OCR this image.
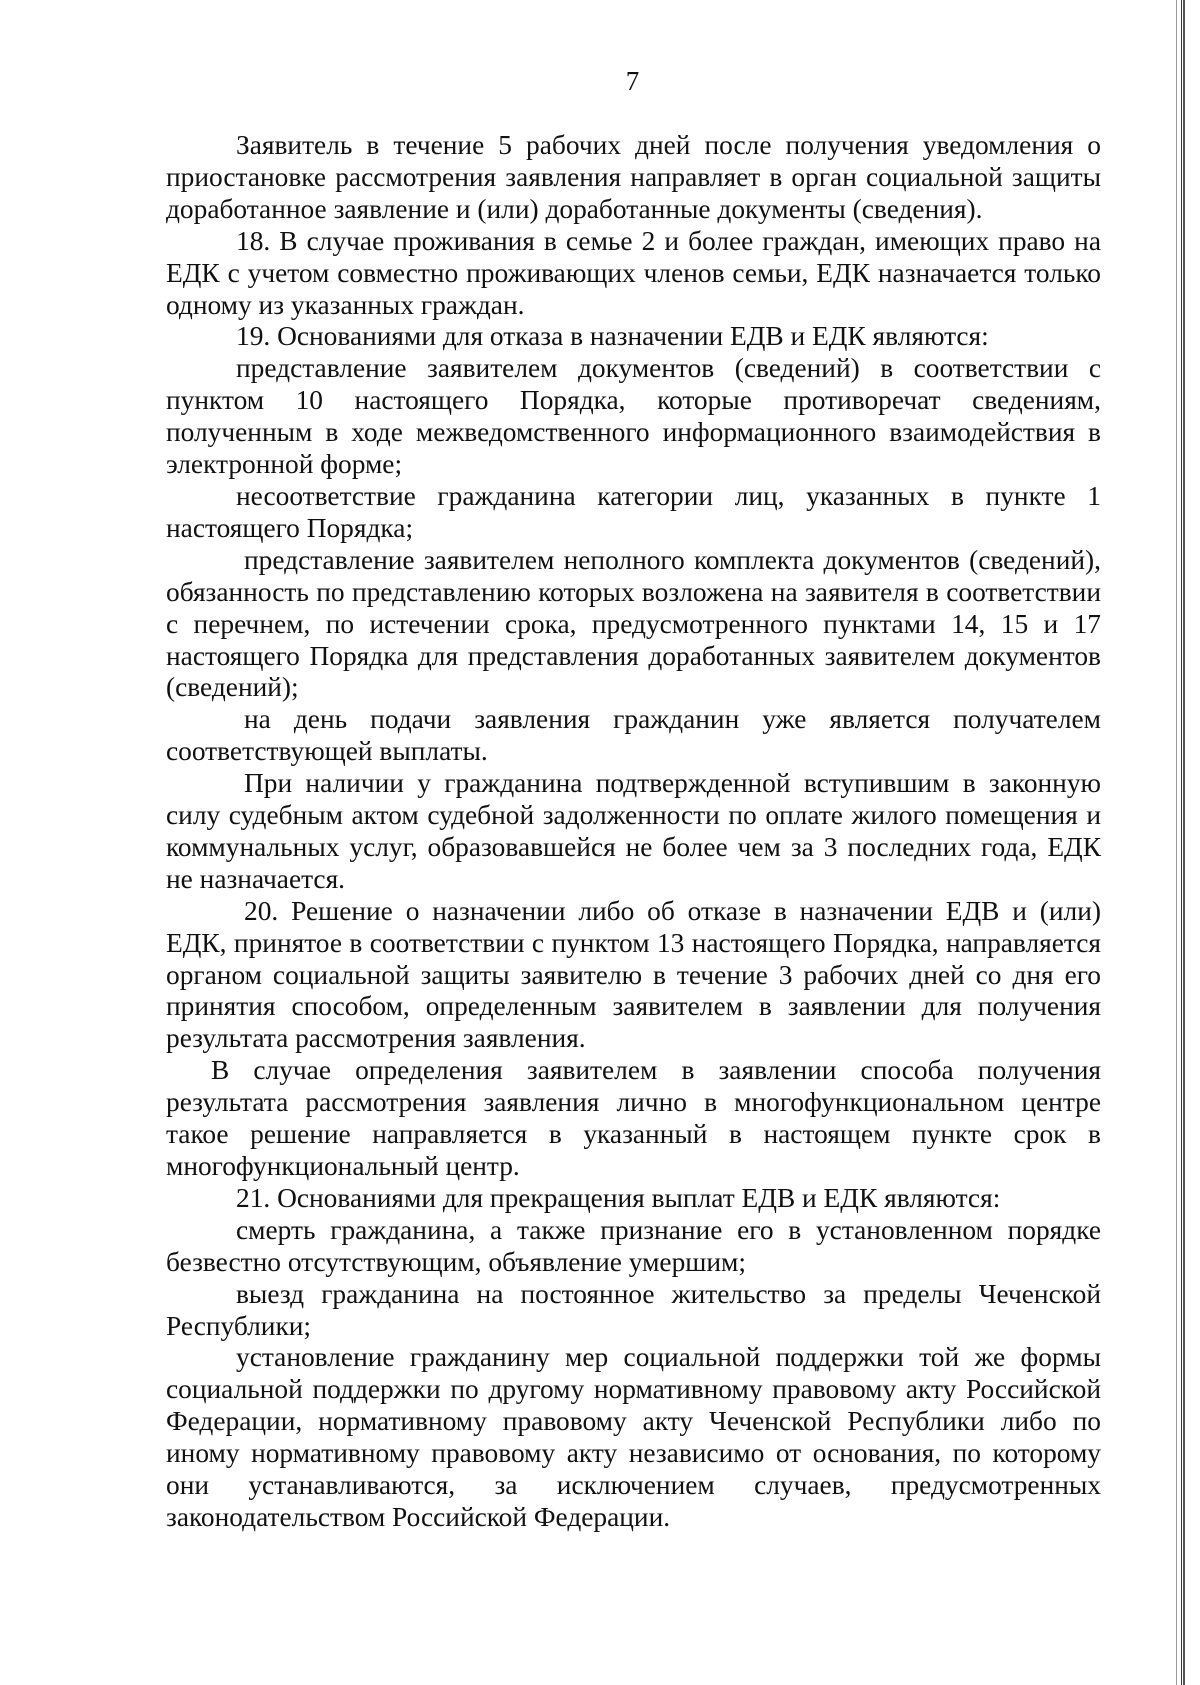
7

Заявитель в течение 5 рабочих дней после получения уведомления о приостановке рассмотрения заявления направляет в орган социальной защиты доработанное заявление и (или) доработанные документы (сведения).

18. В случае проживания в семье 2 и более граждан, имеющих право на ЕДК с учетом совместно проживающих членов семьи, ЕДК назначается только одному из указанных граждан.

19. Основаниями для отказа в назначении ЕДВ и ЕДК являются:

представление заявителем документов (сведений) в соответствии с пунктом 10 настоящего Порядка, которые противоречат сведениям, полученным в ходе межведомственного информационного взаимодействия в электронной форме;

несоответствие гражданина категории лиц, указанных в пункте 1 настоящего Порядка;

представление заявителем неполного комплекта документов (сведений), обязанность по представлению которых возложена на заявителя в соответствии с перечнем, по истечении срока, предусмотренного пунктами 14, 15 и 17 настоящего Порядка для представления доработанных заявителем документов (сведений);

на день подачи заявления гражданин уже является получателем соответствующей выплаты.

При наличии у гражданина подтвержденной вступившим в законную силу судебным актом судебной задолженности по оплате жилого помещения и коммунальных услуг, образовавшейся не более чем за 3 последних года, ЕДК не назначается.

20. Решение о назначении либо об отказе в назначении ЕДВ и (или) ЕДК, принятое в соответствии с пунктом 13 настоящего Порядка, направляется органом социальной защиты заявителю в течение 3 рабочих дней со дня его принятия способом, определенным заявителем в заявлении для получения результата рассмотрения заявления.

В случае определения заявителем в заявлении способа получения результата рассмотрения заявления лично в многофункциональном центре такое решение направляется в указанный в настоящем пункте срок в многофункциональный центр.

21. Основаниями для прекращения выплат ЕДВ и ЕДК являются:

смерть гражданина, а также признание его в установленном порядке безвестно отсутствующим, объявление умершим;

выезд гражданина на постоянное жительство за пределы Чеченской Республики;

установление гражданину мер социальной поддержки той же формы социальной поддержки по другому нормативному правовому акту Российской Федерации, нормативному правовому акту Чеченской Республики либо по иному нормативному правовому акту независимо от основания, по которому они устанавливаются, за исключением случаев, предусмотренных законодательством Российской Федерации.
